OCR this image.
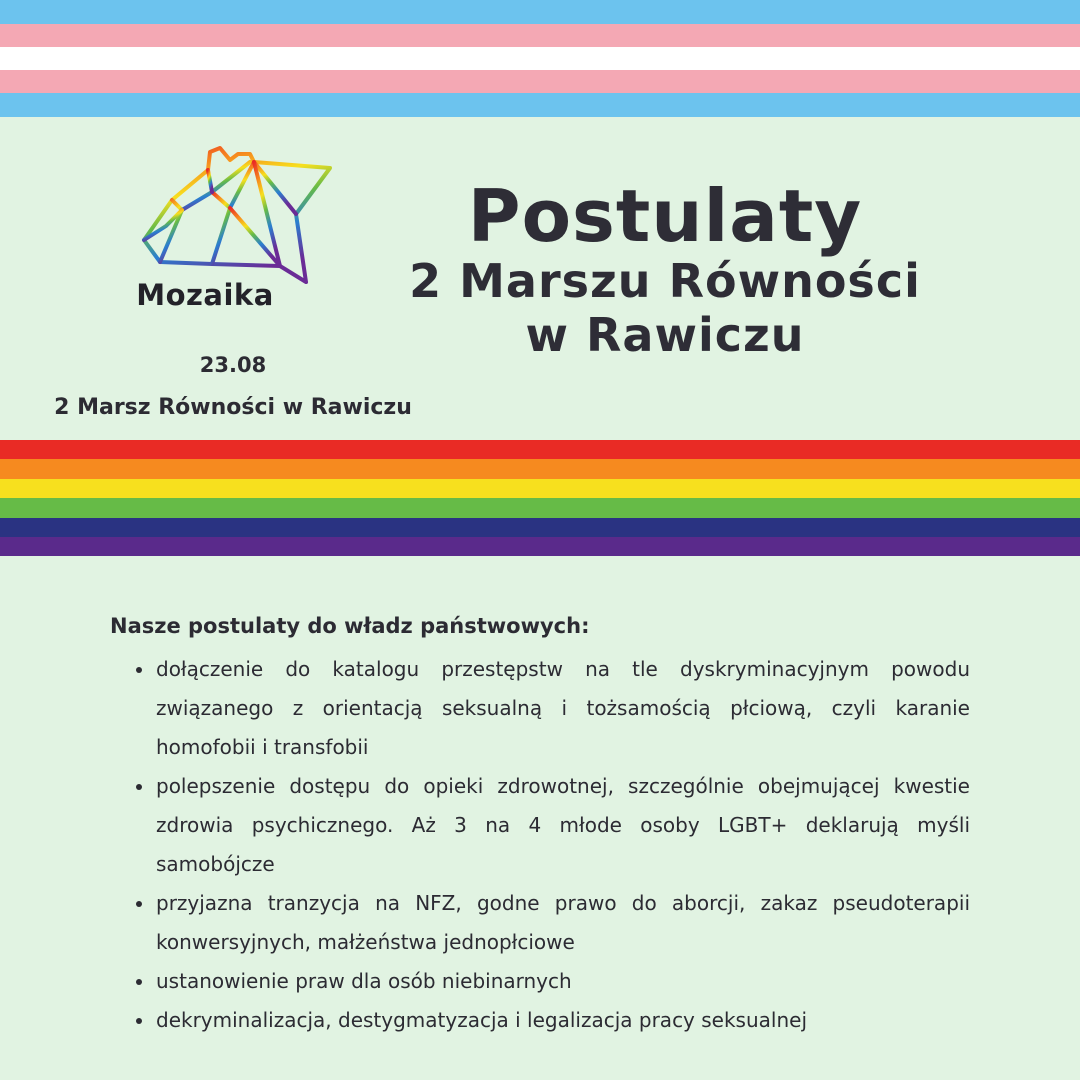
Mozaika
23.08
2 Marsz Równości w Rawiczu
Postulaty
2 Marszu Równości
w Rawiczu
Nasze postulaty do władz państwowych:
dołączenie do katalogu przestępstw na tle dyskryminacyjnym powodu związanego z orientacją seksualną i tożsamością płciową, czyli karanie homofobii i transfobii
polepszenie dostępu do opieki zdrowotnej, szczególnie obejmującej kwestie zdrowia psychicznego. Aż 3 na 4 młode osoby LGBT+ deklarują myśli samobójcze
przyjazna tranzycja na NFZ, godne prawo do aborcji, zakaz pseudoterapii konwersyjnych, małżeństwa jednopłciowe
ustanowienie praw dla osób niebinarnych
dekryminalizacja, destygmatyzacja i legalizacja pracy seksualnej
